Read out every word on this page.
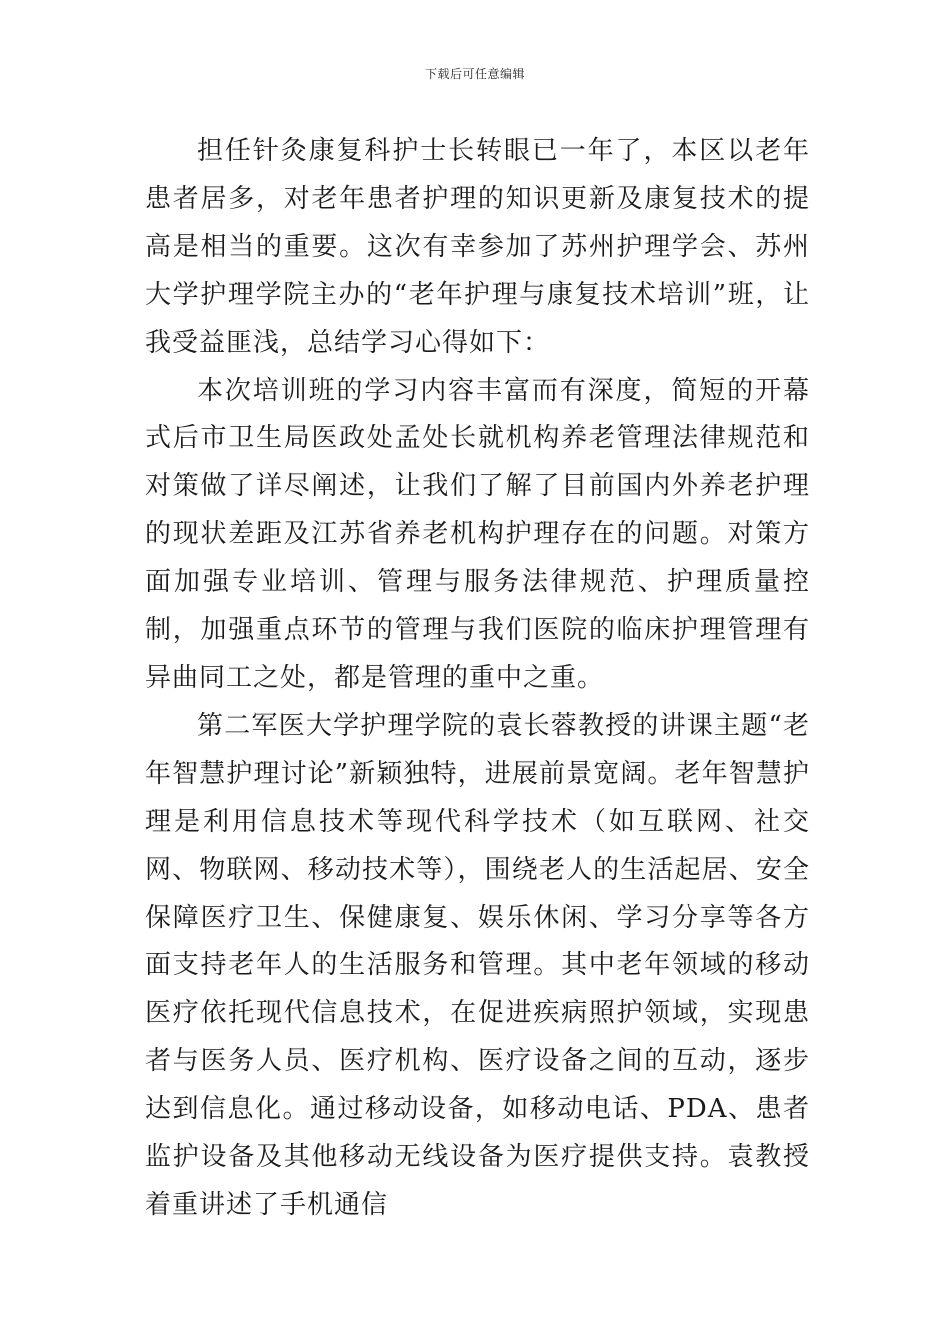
下载后可任意编辑

担任针灸康复科护士长转眼已一年了，本区以老年患者居多，对老年患者护理的知识更新及康复技术的提高是相当的重要。这次有幸参加了苏州护理学会、苏州大学护理学院主办的“老年护理与康复技术培训”班，让我受益匪浅，总结学习心得如下：

本次培训班的学习内容丰富而有深度，简短的开幕式后市卫生局医政处孟处长就机构养老管理法律规范和对策做了详尽阐述，让我们了解了目前国内外养老护理的现状差距及江苏省养老机构护理存在的问题。对策方面加强专业培训、管理与服务法律规范、护理质量控制，加强重点环节的管理与我们医院的临床护理管理有异曲同工之处，都是管理的重中之重。

第二军医大学护理学院的袁长蓉教授的讲课主题“老年智慧护理讨论”新颖独特，进展前景宽阔。老年智慧护理是利用信息技术等现代科学技术（如互联网、社交网、物联网、移动技术等），围绕老人的生活起居、安全保障医疗卫生、保健康复、娱乐休闲、学习分享等各方面支持老年人的生活服务和管理。其中老年领域的移动医疗依托现代信息技术，在促进疾病照护领域，实现患者与医务人员、医疗机构、医疗设备之间的互动，逐步达到信息化。通过移动设备，如移动电话、PDA、患者监护设备及其他移动无线设备为医疗提供支持。袁教授着重讲述了手机通信
